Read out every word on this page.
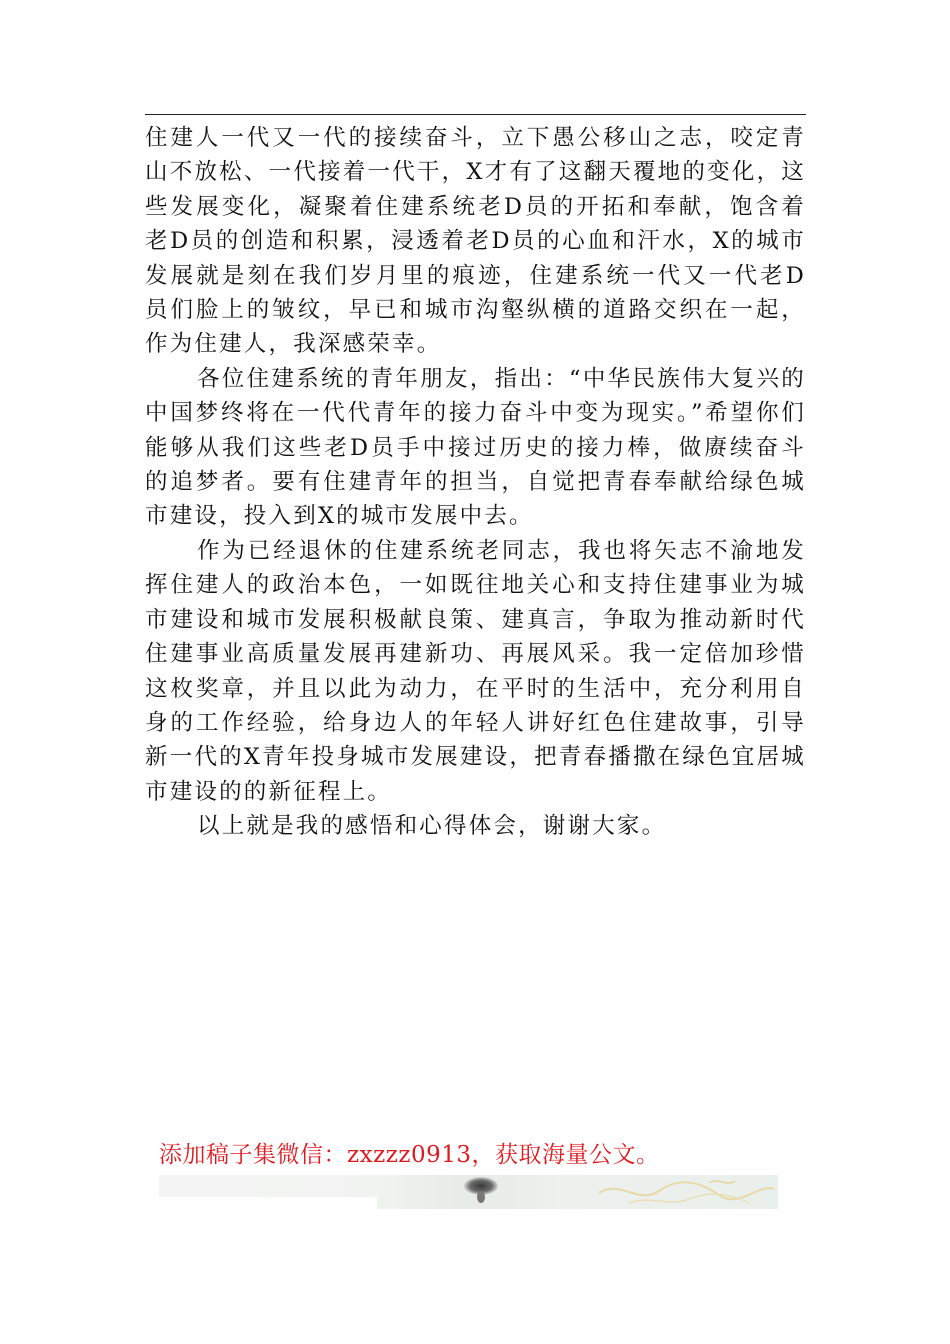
住建人一代又一代的接续奋斗，立下愚公移山之志，咬定青山不放松、一代接着一代干，X才有了这翻天覆地的变化，这些发展变化，凝聚着住建系统老D员的开拓和奉献，饱含着老D员的创造和积累，浸透着老D员的心血和汗水，X的城市发展就是刻在我们岁月里的痕迹，住建系统一代又一代老D员们脸上的皱纹，早已和城市沟壑纵横的道路交织在一起，作为住建人，我深感荣幸。

各位住建系统的青年朋友，指出：“中华民族伟大复兴的中国梦终将在一代代青年的接力奋斗中变为现实。”希望你们能够从我们这些老D员手中接过历史的接力棒，做赓续奋斗的追梦者。要有住建青年的担当，自觉把青春奉献给绿色城市建设，投入到X的城市发展中去。

作为已经退休的住建系统老同志，我也将矢志不渝地发挥住建人的政治本色，一如既往地关心和支持住建事业为城市建设和城市发展积极献良策、建真言，争取为推动新时代住建事业高质量发展再建新功、再展风采。我一定倍加珍惜这枚奖章，并且以此为动力，在平时的生活中，充分利用自身的工作经验，给身边人的年轻人讲好红色住建故事，引导新一代的X青年投身城市发展建设，把青春播撒在绿色宜居城市建设的的新征程上。

以上就是我的感悟和心得体会，谢谢大家。

添加稿子集微信：zxzzz0913，获取海量公文。
